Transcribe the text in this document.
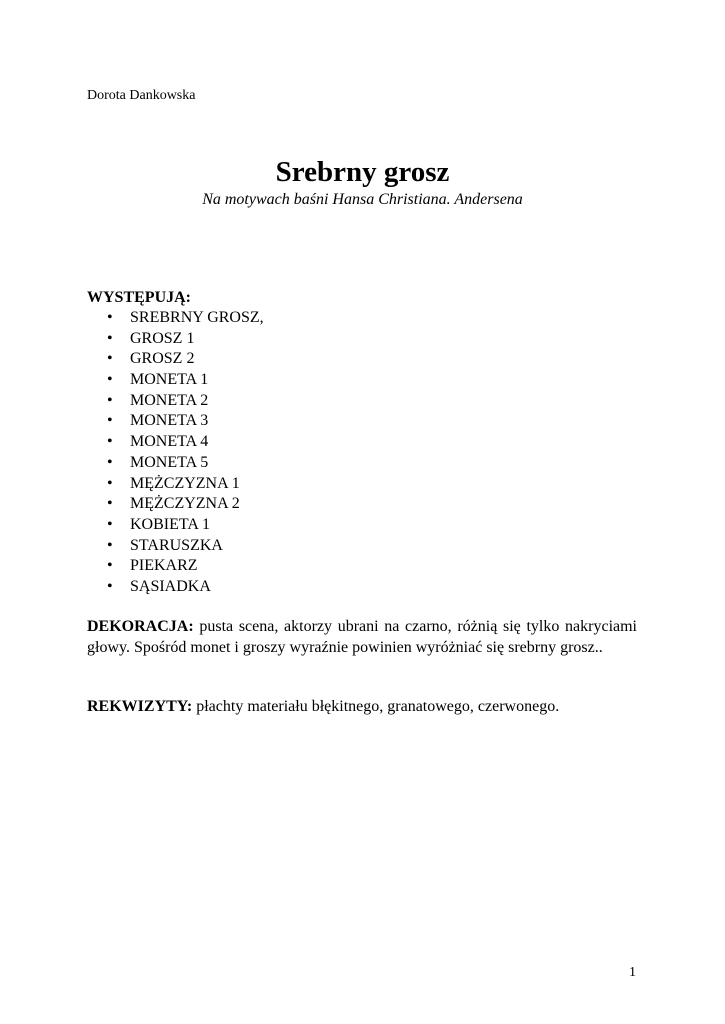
Dorota Dankowska
Srebrny grosz
Na motywach baśni Hansa Christiana. Andersena
WYSTĘPUJĄ:
• SREBRNY GROSZ,
• GROSZ 1
• GROSZ 2
• MONETA 1
• MONETA 2
• MONETA 3
• MONETA 4
• MONETA 5
• MĘŻCZYZNA 1
• MĘŻCZYZNA 2
• KOBIETA 1
• STARUSZKA
• PIEKARZ
• SĄSIADKA

DEKORACJA: pusta scena, aktorzy ubrani na czarno, różnią się tylko nakryciami głowy. Spośród monet i groszy wyraźnie powinien wyróżniać się srebrny grosz..

REKWIZYTY: płachty materiału błękitnego, granatowego, czerwonego.

1
